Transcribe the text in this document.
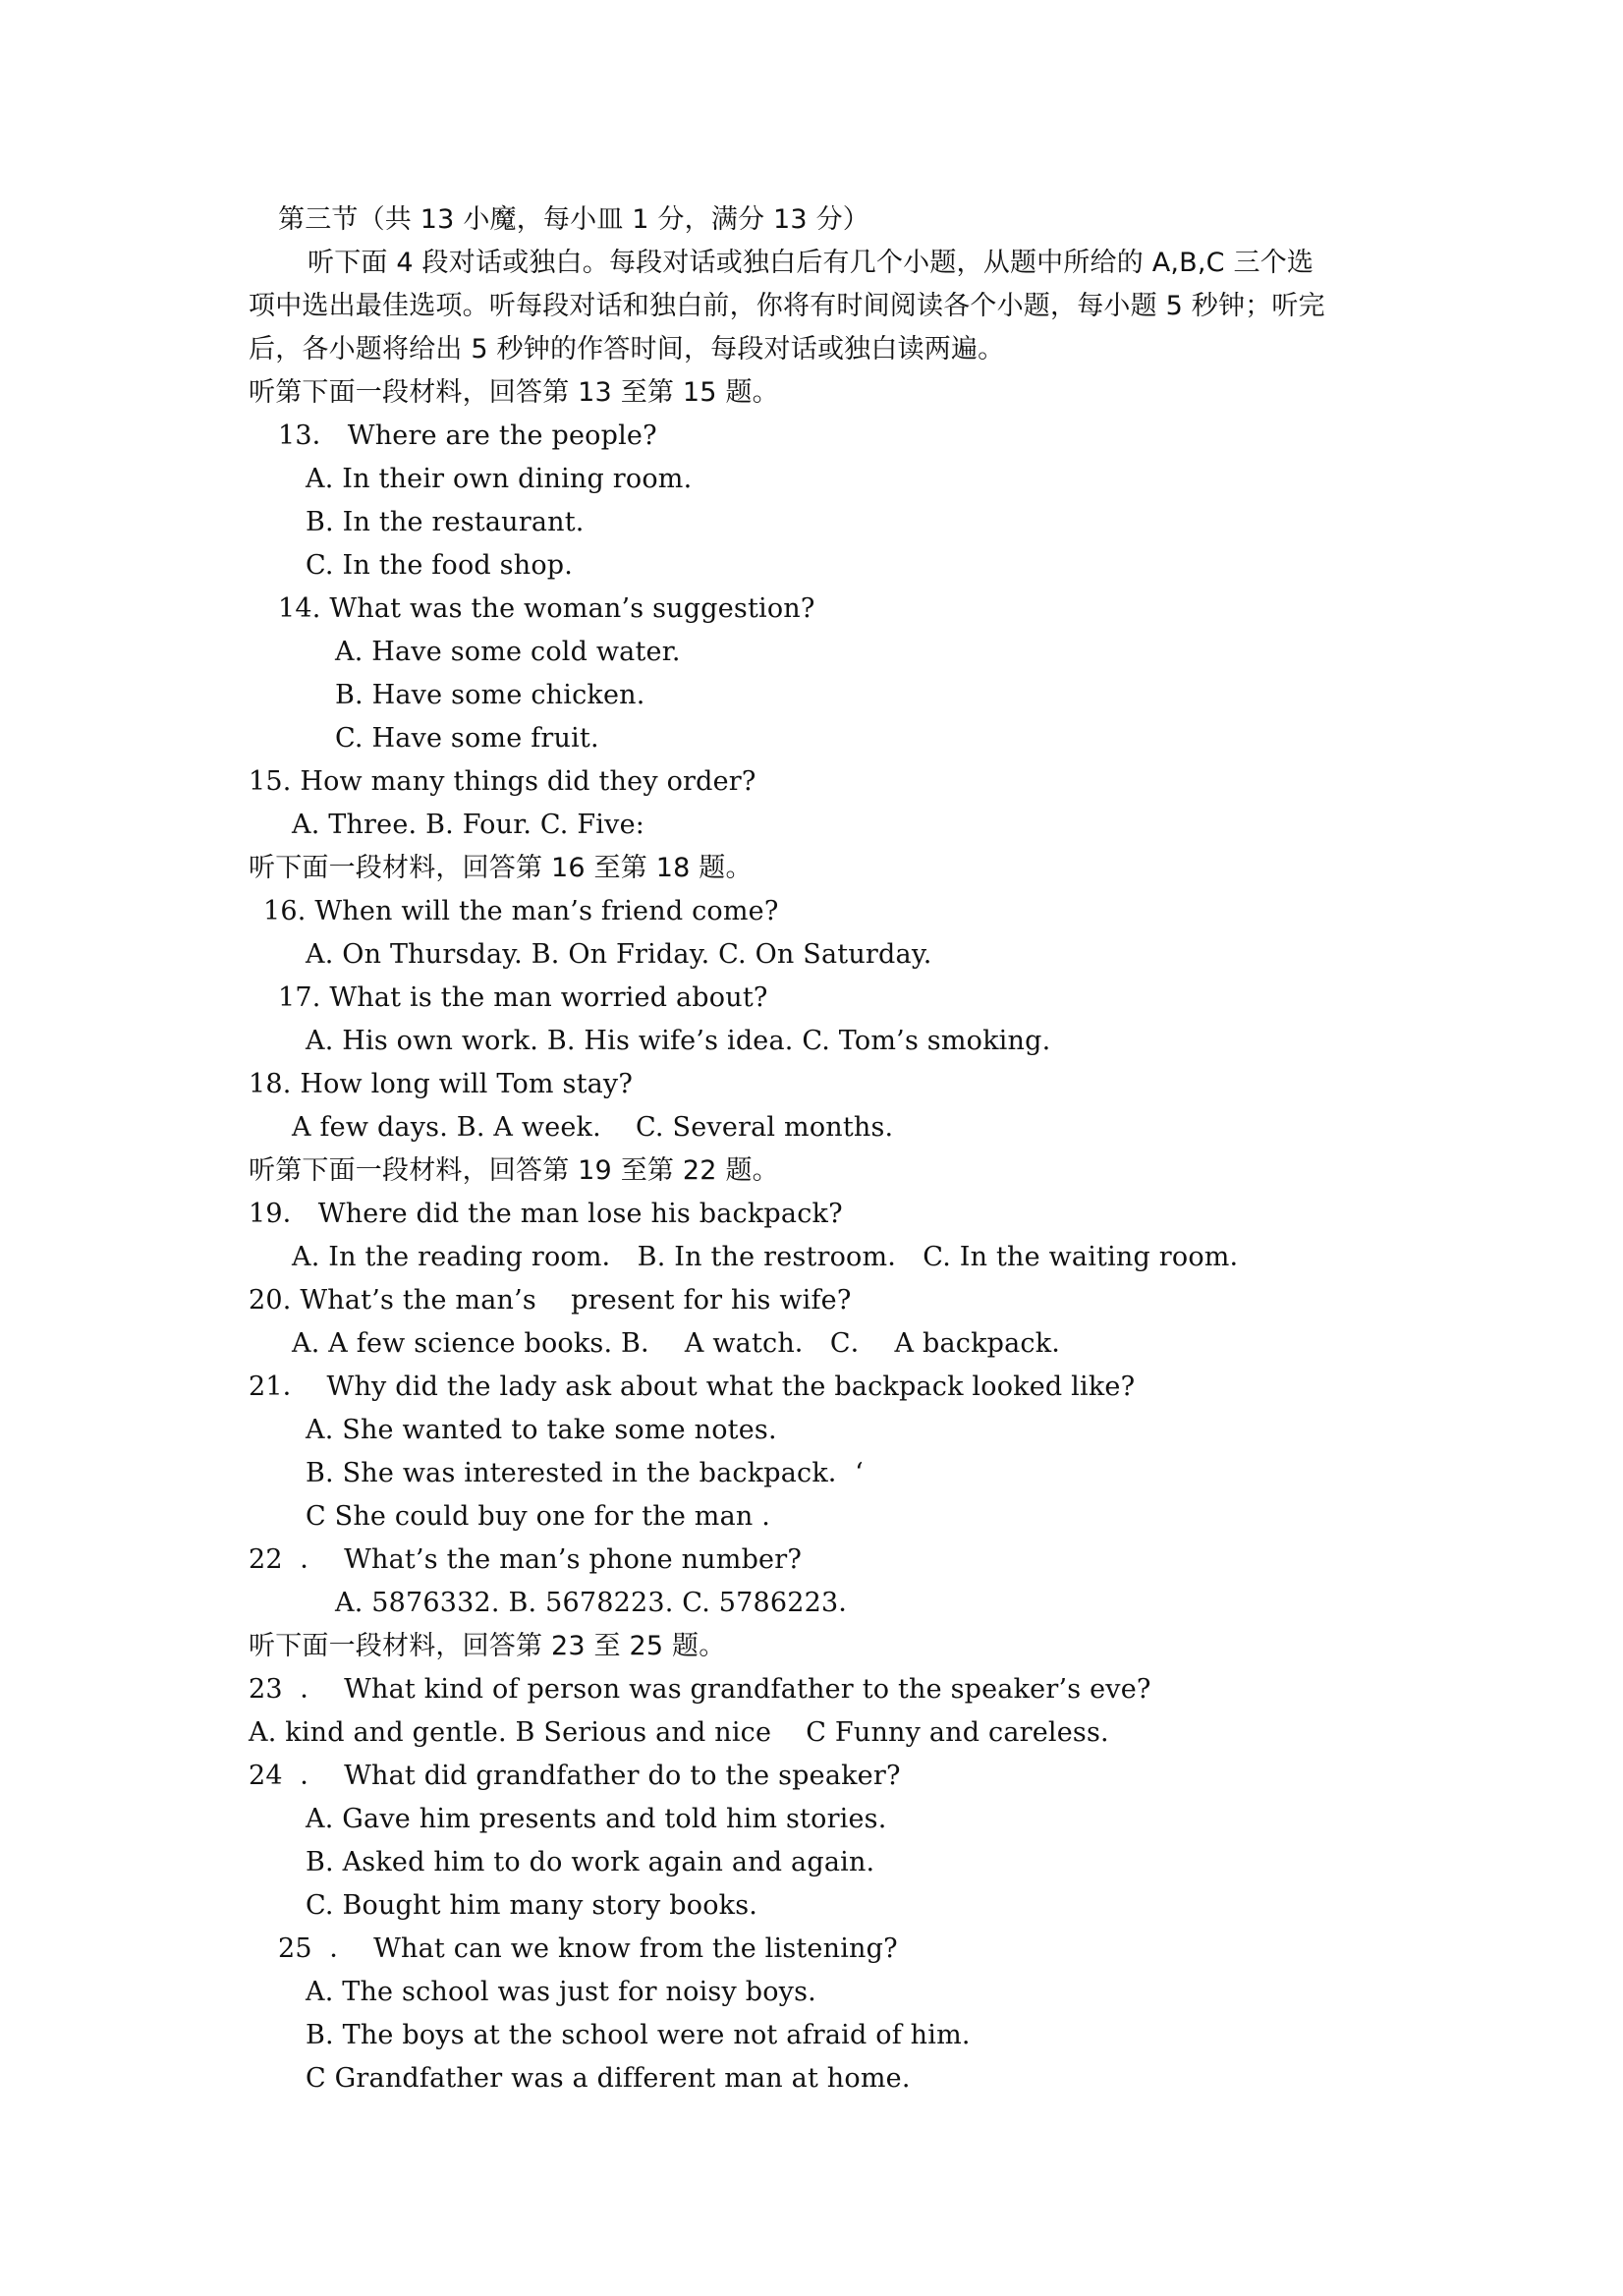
第三节（共 13 小魔，每小皿 1 分，满分 13 分）
听下面 4 段对话或独白。每段对话或独白后有几个小题，从题中所给的 A,B,C 三个选
项中选出最佳选项。听每段对话和独白前，你将有时间阅读各个小题，每小题 5 秒钟；听完
后，各小题将给出 5 秒钟的作答时间，每段对话或独白读两遍。
听第下面一段材料，回答第 13 至第 15 题。
13． Where are the people?
A. In their own dining room.
B. In the restaurant.
C. In the food shop.
14. What was the woman’s suggestion?
A. Have some cold water.
B. Have some chicken.
C. Have some fruit.
15. How many things did they order?
A. Three. B. Four. C. Five:
听下面一段材料，回答第 16 至第 18 题。
16. When will the man’s friend come?
A. On Thursday. B. On Friday. C. On Saturday.
17. What is the man worried about?
A. His own work. B. His wife’s idea. C. Tom’s smoking.
18. How long will Tom stay?
A few days. B. A week.    C. Several months.
听第下面一段材料，回答第 19 至第 22 题。
19． Where did the man lose his backpack?
A. In the reading room． B. In the restroom． C. In the waiting room．
20. What’s the man’s    present for his wife?
A. A few science books. B．  A watch． C．  A backpack．
21．  Why did the lady ask about what the backpack looked like?
A. She wanted to take some notes.
B. She was interested in the backpack．‘
C She could buy one for the man .
22  ．  What’s the man’s phone number?
A. 5876332. B. 5678223. C. 5786223．
听下面一段材料，回答第 23 至 25 题。
23  ．  What kind of person was grandfather to the speaker’s eve?
A. kind and gentle. B Serious and nice    C Funny and careless.
24  ．  What did grandfather do to the speaker?
A. Gave him presents and told him stories.
B. Asked him to do work again and again.
C. Bought him many story books.
25  ．  What can we know from the listening?
A. The school was just for noisy boys.
B. The boys at the school were not afraid of him.
C Grandfather was a different man at home.
